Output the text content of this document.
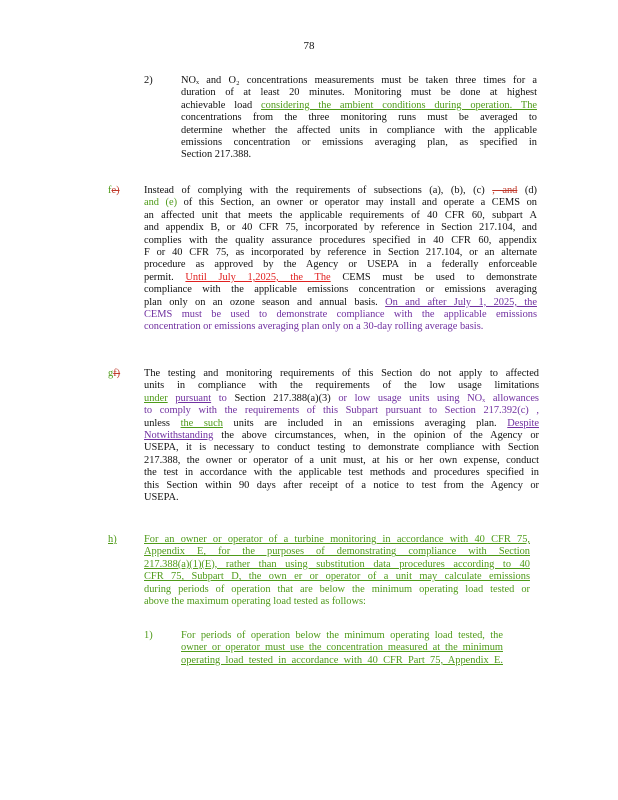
78
2)	NOₓ and O₂ concentrations measurements must be taken three times for a
duration of at least 20 minutes. Monitoring must be done at highest
achievable load considering the ambient conditions during operation. The
concentrations from the three monitoring runs must be averaged to
determine whether the affected units in compliance with the applicable
emissions concentration or emissions averaging plan, as specified in
Section 217.388.
fe) Instead of complying with the requirements of subsections (a), (b), (c) , and (d)
and (e) of this Section, an owner or operator may install and operate a CEMS on
an affected unit that meets the applicable requirements of 40 CFR 60, subpart A
and appendix B, or 40 CFR 75, incorporated by reference in Section 217.104, and
complies with the quality assurance procedures specified in 40 CFR 60, appendix
F or 40 CFR 75, as incorporated by reference in Section 217.104, or an alternate
procedure as approved by the Agency or USEPA in a federally enforceable
permit. Until July 1,2025, the The CEMS must be used to demonstrate
compliance with the applicable emissions concentration or emissions averaging
plan only on an ozone season and annual basis. On and after July 1, 2025, the
CEMS must be used to demonstrate compliance with the applicable emissions
concentration or emissions averaging plan only on a 30-day rolling average basis.
gf) The testing and monitoring requirements of this Section do not apply to affected
units in compliance with the requirements of the low usage limitations
under pursuant to Section 217.388(a)(3) or low usage units using NOₓ allowances
to comply with the requirements of this Subpart pursuant to Section 217.392(c) ,
unless the such units are included in an emissions averaging plan. Despite
Notwithstanding the above circumstances, when, in the opinion of the Agency or
USEPA, it is necessary to conduct testing to demonstrate compliance with Section
217.388, the owner or operator of a unit must, at his or her own expense, conduct
the test in accordance with the applicable test methods and procedures specified in
this Section within 90 days after receipt of a notice to test from the Agency or
USEPA.
h)	For an owner or operator of a turbine monitoring in accordance with 40 CFR 75,
Appendix E, for the purposes of demonstrating compliance with Section
217.388(a)(1)(E), rather than using substitution data procedures according to 40
CFR 75, Subpart D, the own er or operator of a unit may calculate emissions
during periods of operation that are below the minimum operating load tested or
above the maximum operating load tested as follows:
1)	For periods of operation below the minimum operating load tested, the
owner or operator must use the concentration measured at the minimum
operating load tested in accordance with 40 CFR Part 75, Appendix E.
